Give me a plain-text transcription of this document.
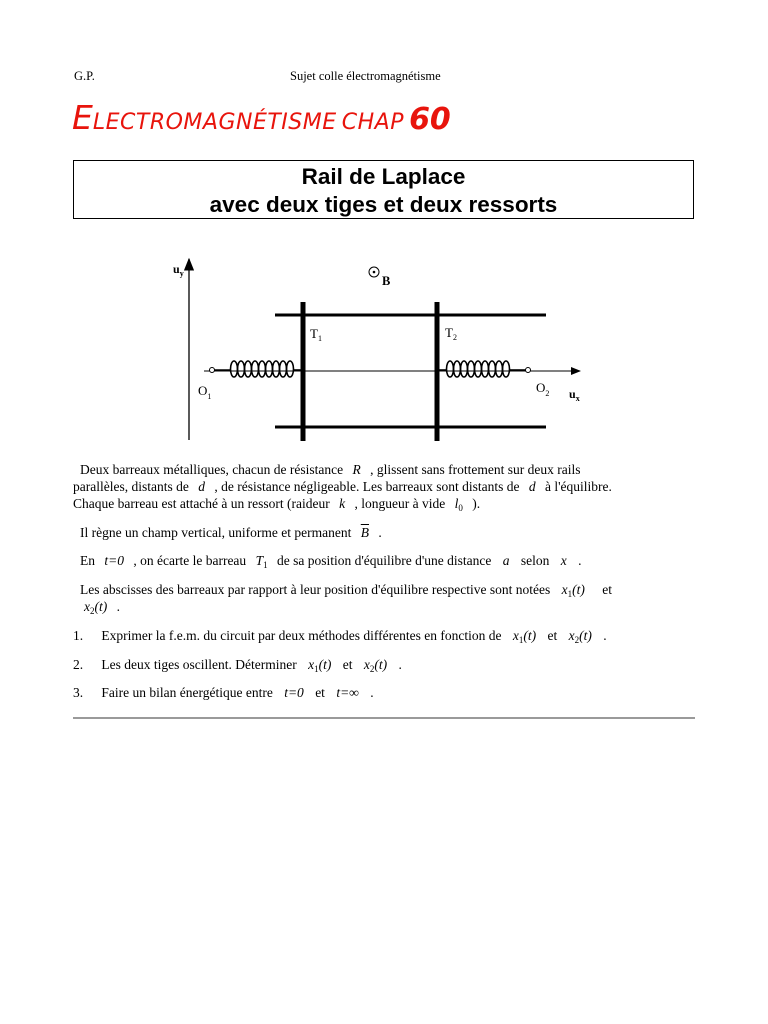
G.P.	Sujet colle électromagnétisme
ELECTROMAGNÉTISME CHAP 60
Rail de Laplace
avec deux tiges et deux ressorts
$u_y$
B
$T_1$	$T_2$
$O_1$
$O_2$ $u_x$
Deux barreaux métalliques, chacun de résistance R , glissent sans frottement sur deux rails
parallèles, distants de d , de résistance négligeable. Les barreaux sont distants de d à l'équilibre.
Chaque barreau est attaché à un ressort (raideur k , longueur à vide $l_0$ ).
Il règne un champ vertical, uniforme et permanent $\overline{B}$ .
En t=0 , on écarte le barreau $T_1$ de sa position d'équilibre d'une distance a selon x .
Les abscisses des barreaux par rapport à leur position d'équilibre respective sont notées $x_1(t)$ et
$x_2(t)$ .
1. Exprimer la f.e.m. du circuit par deux méthodes différentes en fonction de $x_1(t)$ et $x_2(t)$ .
2. Les deux tiges oscillent. Déterminer $x_1(t)$ et $x_2(t)$ .
3. Faire un bilan énergétique entre t=0 et t=∞ .
